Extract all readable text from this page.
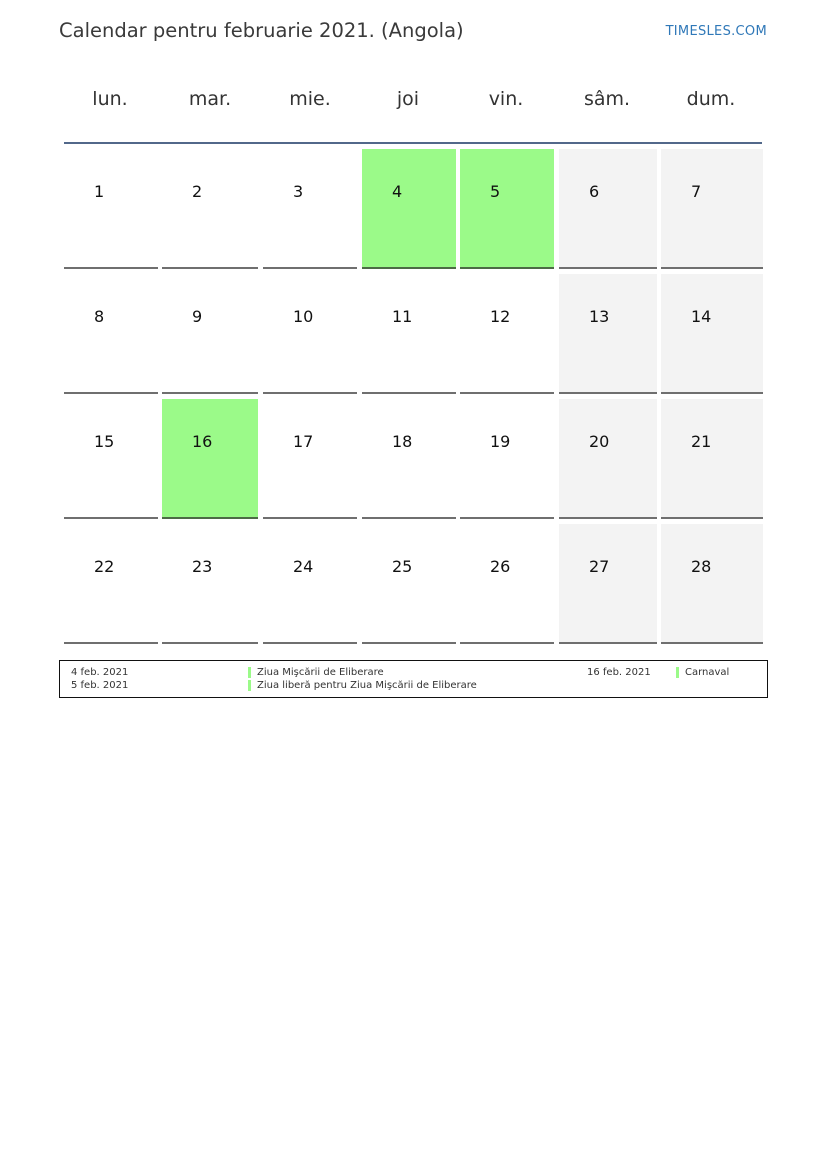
Calendar pentru februarie 2021. (Angola)	TIMESLES.COM
lun.	mar.	mie.	joi	vin.	sâm.	dum.
1	2	3	4	5	6	7
8	9	10	11	12	13	14
15	16	17	18	19	20	21
22	23	24	25	26	27	28
4 feb. 2021	Ziua Mişcării de Eliberare
5 feb. 2021	Ziua liberă pentru Ziua Mişcării de Eliberare
16 feb. 2021	Carnaval
